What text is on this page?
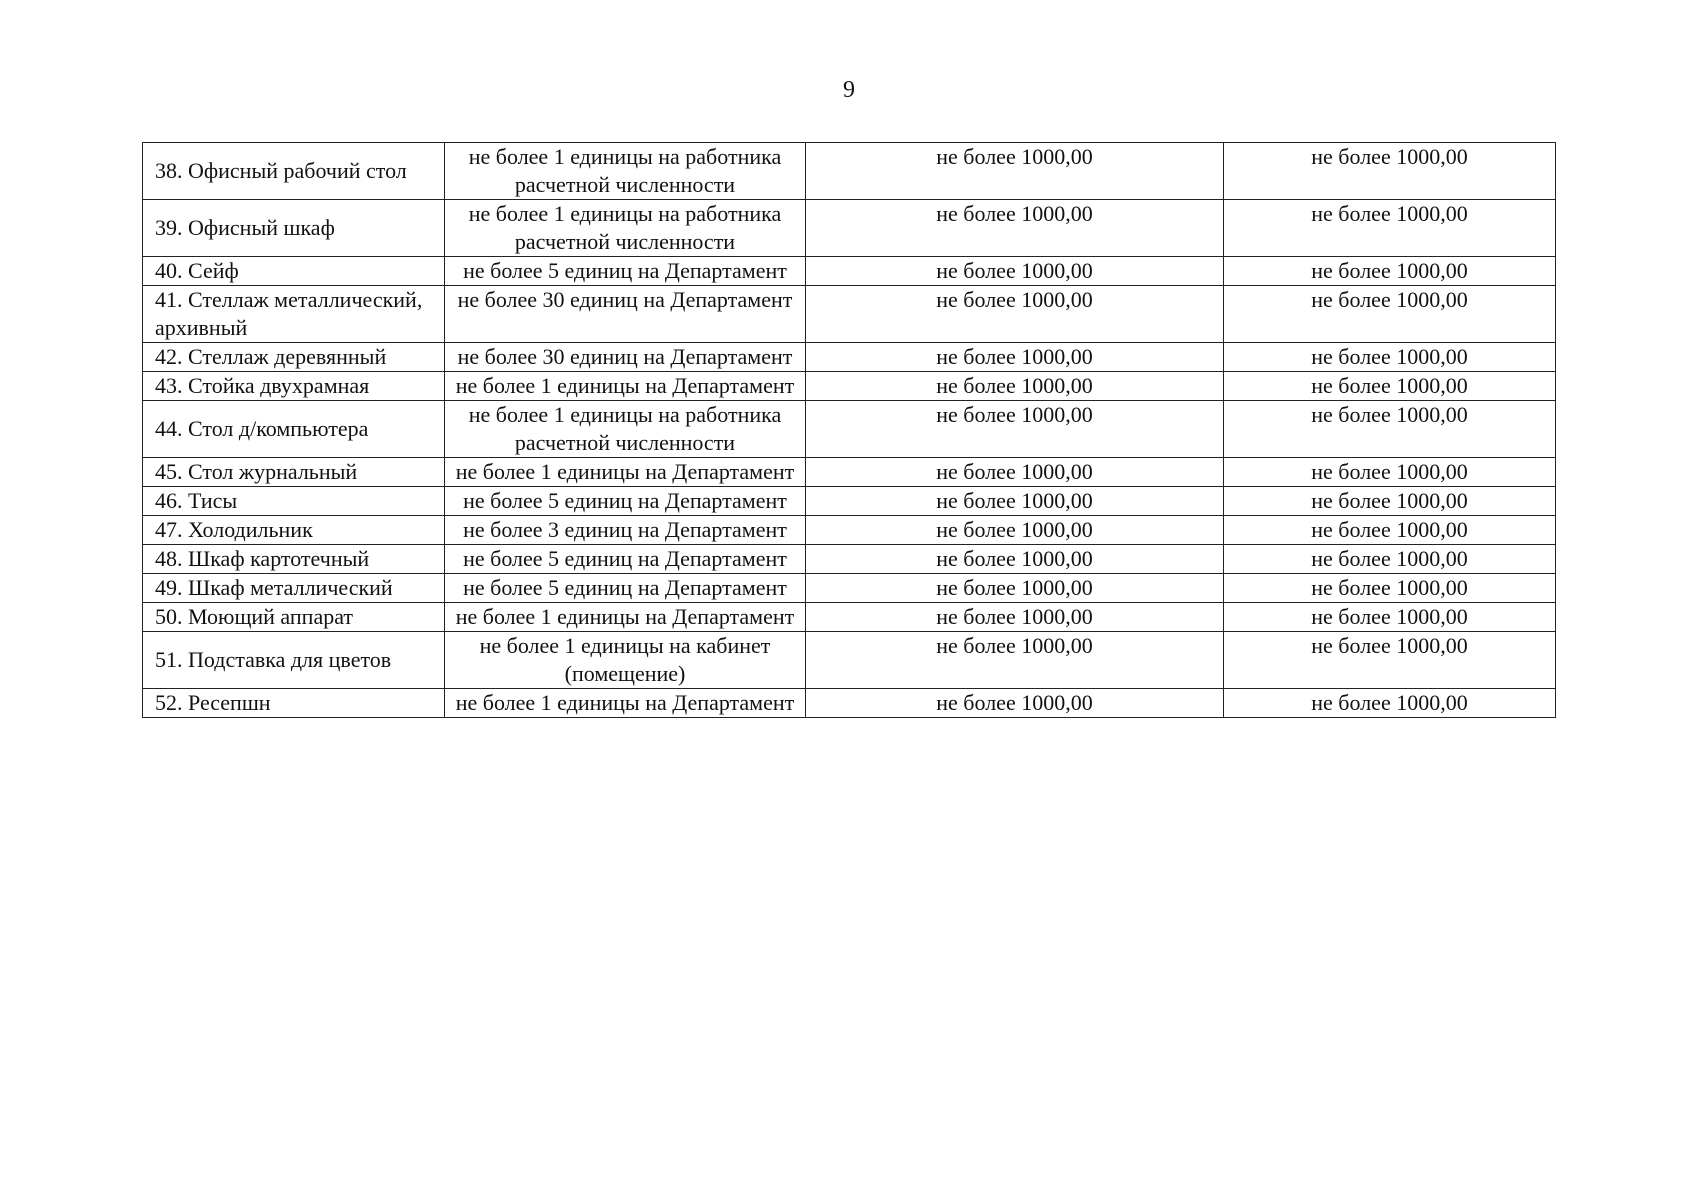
9
38. Офисный рабочий стол	не более 1 единицы на работника расчетной численности	не более 1000,00	не более 1000,00
39. Офисный шкаф	не более 1 единицы на работника расчетной численности	не более 1000,00	не более 1000,00
40. Сейф	не более 5 единиц на Департамент	не более 1000,00	не более 1000,00
41. Стеллаж металлический, архивный	не более 30 единиц на Департамент	не более 1000,00	не более 1000,00
42. Стеллаж деревянный	не более 30 единиц на Департамент	не более 1000,00	не более 1000,00
43. Стойка двухрамная	не более 1 единицы на Департамент	не более 1000,00	не более 1000,00
44. Стол д/компьютера	не более 1 единицы на работника расчетной численности	не более 1000,00	не более 1000,00
45. Стол журнальный	не более 1 единицы на Департамент	не более 1000,00	не более 1000,00
46. Тисы	не более 5 единиц на Департамент	не более 1000,00	не более 1000,00
47. Холодильник	не более 3 единиц на Департамент	не более 1000,00	не более 1000,00
48. Шкаф картотечный	не более 5 единиц на Департамент	не более 1000,00	не более 1000,00
49. Шкаф металлический	не более 5 единиц на Департамент	не более 1000,00	не более 1000,00
50. Моющий аппарат	не более 1 единицы на Департамент	не более 1000,00	не более 1000,00
51. Подставка для цветов	не более 1 единицы на кабинет (помещение)	не более 1000,00	не более 1000,00
52. Ресепшн	не более 1 единицы на Департамент	не более 1000,00	не более 1000,00
